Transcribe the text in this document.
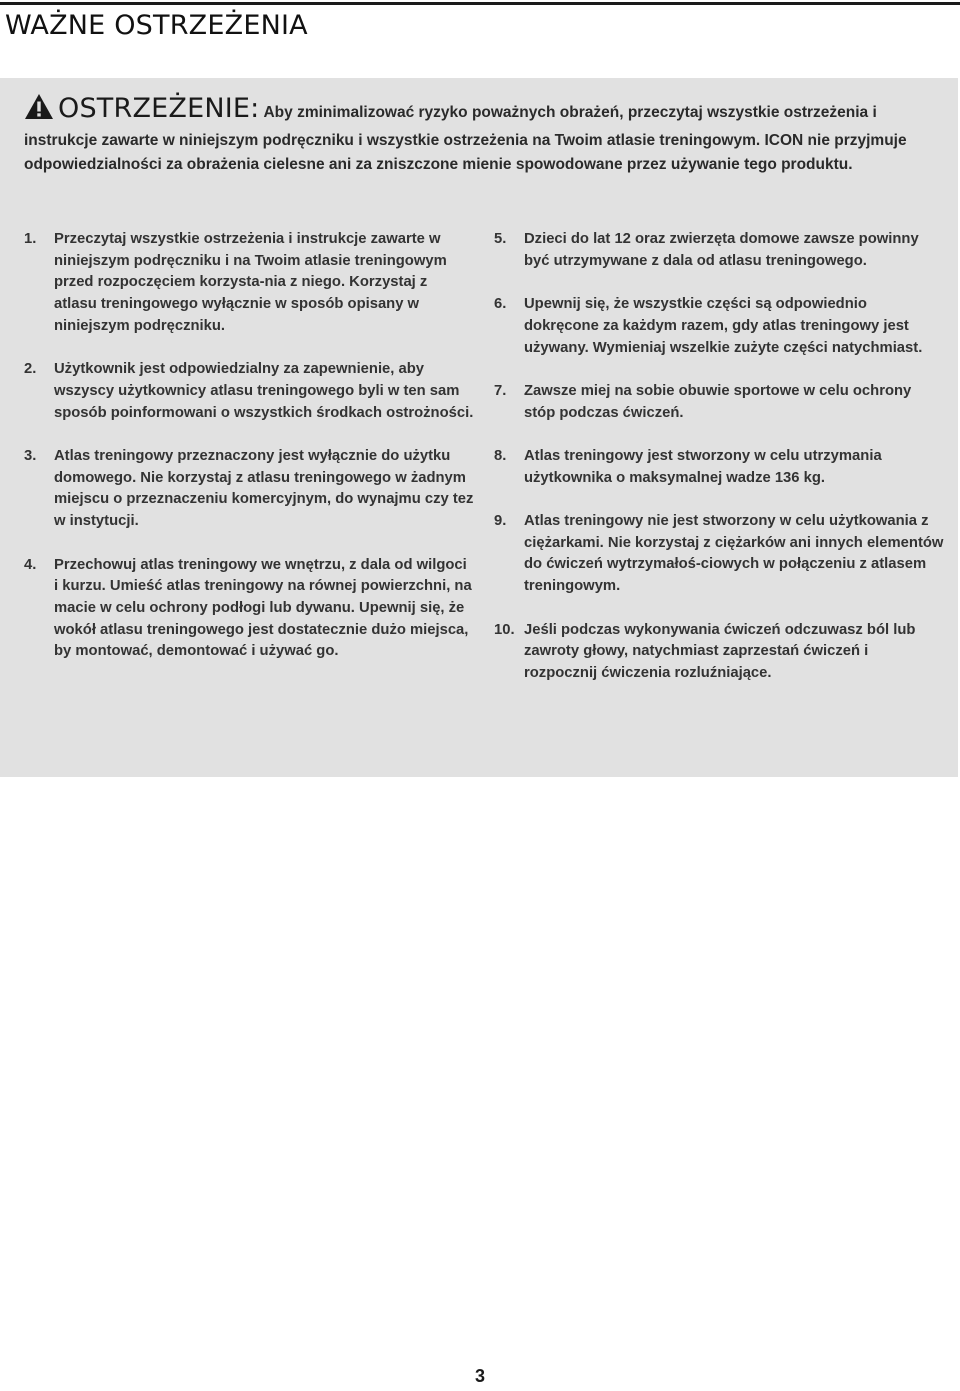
WAŻNE OSTRZEŻENIA
OSTRZEŻENIE: Aby zminimalizować ryzyko poważnych obrażeń, przeczytaj wszystkie ostrzeżenia i instrukcje zawarte w niniejszym podręczniku i wszystkie ostrzeżenia na Twoim atlasie treningowym. ICON nie przyjmuje odpowiedzialności za obrażenia cielesne ani za zniszczone mienie spowodowane przez używanie tego produktu.
1.	Przeczytaj wszystkie ostrzeżenia i instrukcje zawarte w niniejszym podręczniku i na Twoim atlasie treningowym przed rozpoczęciem korzysta-nia z niego. Korzystaj z atlasu treningowego wyłącznie w sposób opisany w niniejszym podręczniku.
2.	Użytkownik jest odpowiedzialny za zapewnienie, aby wszyscy użytkownicy atlasu treningowego byli w ten sam sposób poinformowani o wszystkich środkach ostrożności.
3.	Atlas treningowy przeznaczony jest wyłącznie do użytku domowego. Nie korzystaj z atlasu treningowego w żadnym miejscu o przeznaczeniu komercyjnym, do wynajmu czy tez w instytucji.
4.	Przechowuj atlas treningowy we wnętrzu, z dala od wilgoci i kurzu. Umieść atlas treningowy na równej powierzchni, na macie w celu ochrony podłogi lub dywanu. Upewnij się, że wokół atlasu treningowego jest dostatecznie dużo miejsca, by montować, demontować i używać go.
5.	Dzieci do lat 12 oraz zwierzęta domowe zawsze powinny być utrzymywane z dala od atlasu treningowego.
6.	Upewnij się, że wszystkie części są odpowiednio dokręcone za każdym razem, gdy atlas treningowy jest używany. Wymieniaj wszelkie zużyte części natychmiast.
7.	Zawsze miej na sobie obuwie sportowe w celu ochrony stóp podczas ćwiczeń.
8.	Atlas treningowy jest stworzony w celu utrzymania użytkownika o maksymalnej wadze 136 kg.
9.	Atlas treningowy nie jest stworzony w celu użytkowania z ciężarkami. Nie korzystaj z ciężarków ani innych elementów do ćwiczeń wytrzymałoś-ciowych w połączeniu z atlasem treningowym.
10. Jeśli podczas wykonywania ćwiczeń odczuwasz ból lub zawroty głowy, natychmiast zaprzestań ćwiczeń i rozpocznij ćwiczenia rozluźniające.
3
